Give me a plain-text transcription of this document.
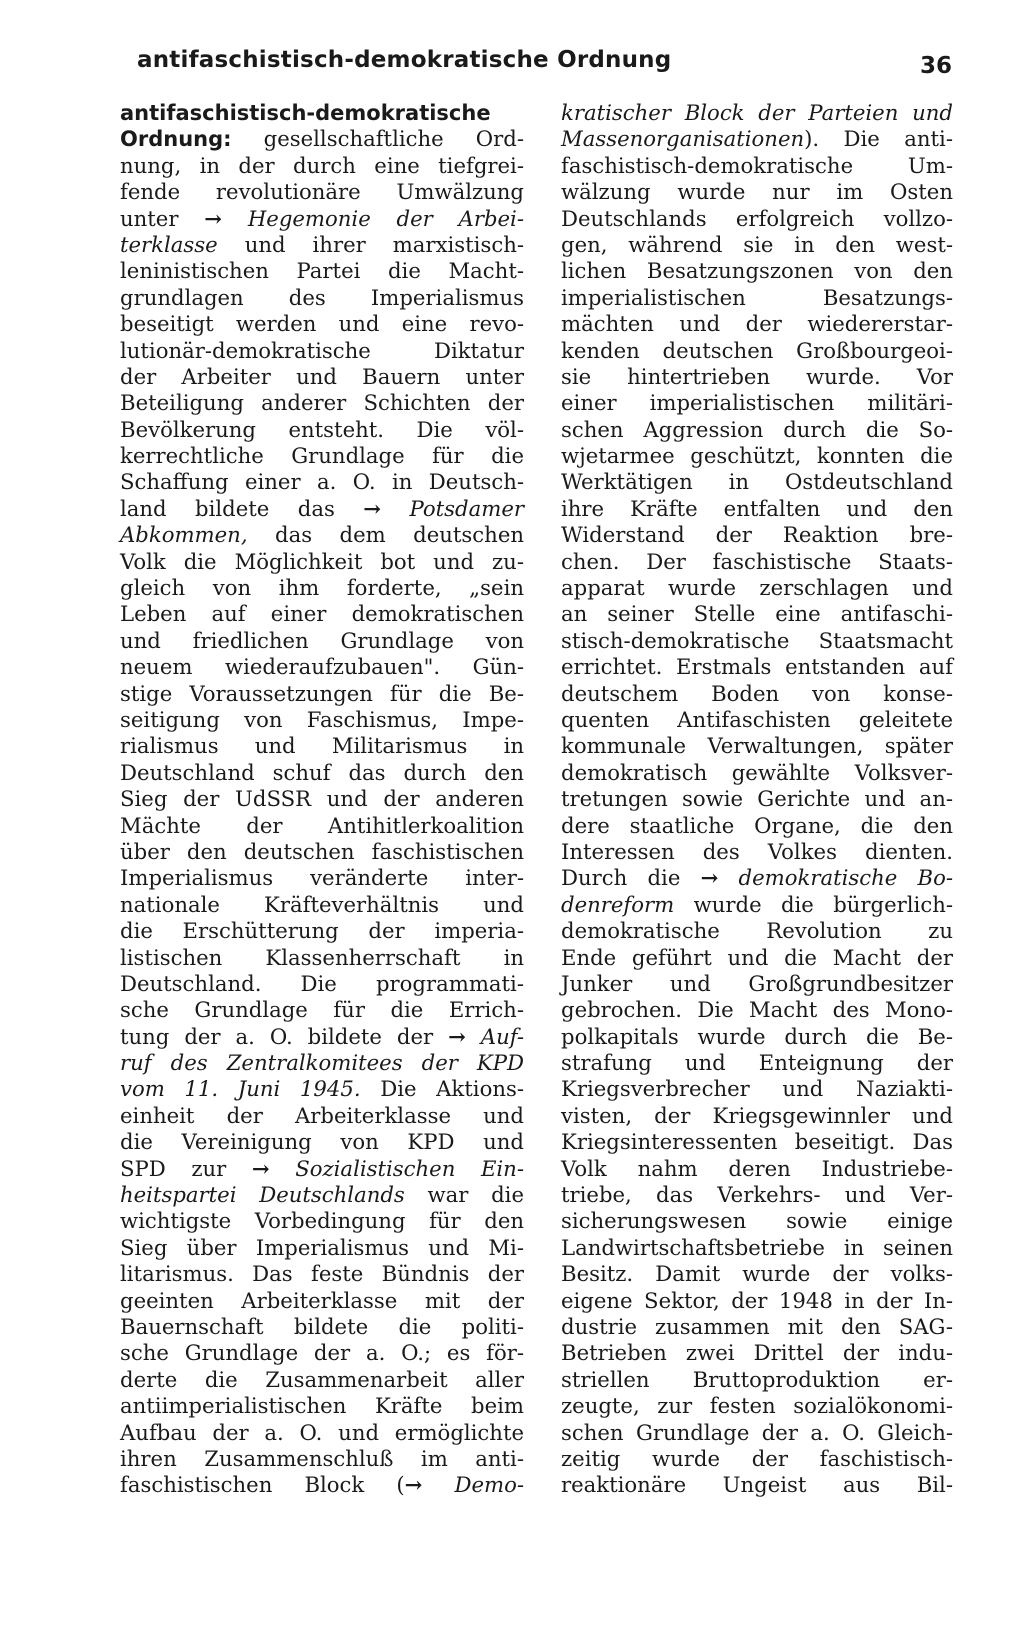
antifaschistisch-demokratische Ordnung	36
antifaschistisch-demokratische
Ordnung: gesellschaftliche Ord-
nung, in der durch eine tiefgrei-
fende revolutionäre Umwälzung
unter → Hegemonie der Arbei-
terklasse und ihrer marxistisch-
leninistischen Partei die Macht-
grundlagen des Imperialismus
beseitigt werden und eine revo-
lutionär-demokratische Diktatur
der Arbeiter und Bauern unter
Beteiligung anderer Schichten der
Bevölkerung entsteht. Die völ-
kerrechtliche Grundlage für die
Schaffung einer a. O. in Deutsch-
land bildete das → Potsdamer
Abkommen, das dem deutschen
Volk die Möglichkeit bot und zu-
gleich von ihm forderte, „sein
Leben auf einer demokratischen
und friedlichen Grundlage von
neuem wiederaufzubauen". Gün-
stige Voraussetzungen für die Be-
seitigung von Faschismus, Impe-
rialismus und Militarismus in
Deutschland schuf das durch den
Sieg der UdSSR und der anderen
Mächte der Antihitlerkoalition
über den deutschen faschistischen
Imperialismus veränderte inter-
nationale Kräfteverhältnis und
die Erschütterung der imperia-
listischen Klassenherrschaft in
Deutschland. Die programmati-
sche Grundlage für die Errich-
tung der a. O. bildete der → Auf-
ruf des Zentralkomitees der KPD
vom 11. Juni 1945. Die Aktions-
einheit der Arbeiterklasse und
die Vereinigung von KPD und
SPD zur → Sozialistischen Ein-
heitspartei Deutschlands war die
wichtigste Vorbedingung für den
Sieg über Imperialismus und Mi-
litarismus. Das feste Bündnis der
geeinten Arbeiterklasse mit der
Bauernschaft bildete die politi-
sche Grundlage der a. O.; es för-
derte die Zusammenarbeit aller
antiimperialistischen Kräfte beim
Aufbau der a. O. und ermöglichte
ihren Zusammenschluß im anti-
faschistischen Block (→ Demo-
kratischer Block der Parteien und
Massenorganisationen). Die anti-
faschistisch-demokratische Um-
wälzung wurde nur im Osten
Deutschlands erfolgreich vollzo-
gen, während sie in den west-
lichen Besatzungszonen von den
imperialistischen Besatzungs-
mächten und der wiedererstar-
kenden deutschen Großbourgeoi-
sie hintertrieben wurde. Vor
einer imperialistischen militäri-
schen Aggression durch die So-
wjetarmee geschützt, konnten die
Werktätigen in Ostdeutschland
ihre Kräfte entfalten und den
Widerstand der Reaktion bre-
chen. Der faschistische Staats-
apparat wurde zerschlagen und
an seiner Stelle eine antifaschi-
stisch-demokratische Staatsmacht
errichtet. Erstmals entstanden auf
deutschem Boden von konse-
quenten Antifaschisten geleitete
kommunale Verwaltungen, später
demokratisch gewählte Volksver-
tretungen sowie Gerichte und an-
dere staatliche Organe, die den
Interessen des Volkes dienten.
Durch die → demokratische Bo-
denreform wurde die bürgerlich-
demokratische Revolution zu
Ende geführt und die Macht der
Junker und Großgrundbesitzer
gebrochen. Die Macht des Mono-
polkapitals wurde durch die Be-
strafung und Enteignung der
Kriegsverbrecher und Naziakti-
visten, der Kriegsgewinnler und
Kriegsinteressenten beseitigt. Das
Volk nahm deren Industriebe-
triebe, das Verkehrs- und Ver-
sicherungswesen sowie einige
Landwirtschaftsbetriebe in seinen
Besitz. Damit wurde der volks-
eigene Sektor, der 1948 in der In-
dustrie zusammen mit den SAG-
Betrieben zwei Drittel der indu-
striellen Bruttoproduktion er-
zeugte, zur festen sozialökonomi-
schen Grundlage der a. O. Gleich-
zeitig wurde der faschistisch-
reaktionäre Ungeist aus Bil-
